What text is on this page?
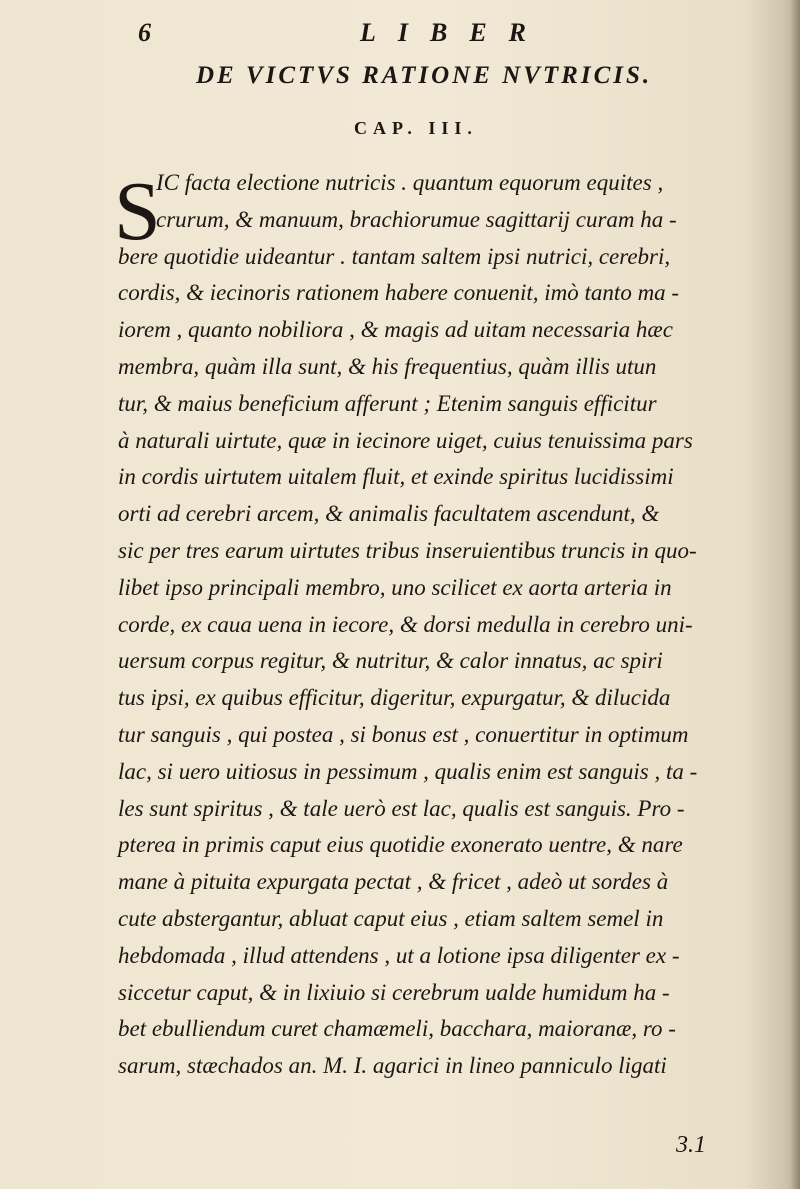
6	LIBER
DE VICTVS RATIONE NVTRICIS.
CAP. III.
S
IC facta electione nutricis . quantum equorum equites ,
crurum, & manuum, brachiorumue sagittarij curam ha -
bere quotidie uideantur . tantam saltem ipsi nutrici, cerebri,
cordis, & iecinoris rationem habere conuenit, imò tanto ma -
iorem , quanto nobiliora , & magis ad uitam necessaria hæc
membra, quàm illa sunt, & his frequentius, quàm illis utun
tur, & maius beneficium afferunt ; Etenim sanguis efficitur
à naturali uirtute, quæ in iecinore uiget, cuius tenuissima pars
in cordis uirtutem uitalem fluit, et exinde spiritus lucidissimi
orti ad cerebri arcem, & animalis facultatem ascendunt, &
sic per tres earum uirtutes tribus inseruientibus truncis in quo-
libet ipso principali membro, uno scilicet ex aorta arteria in
corde, ex caua uena in iecore, & dorsi medulla in cerebro uni-
uersum corpus regitur, & nutritur, & calor innatus, ac spiri
tus ipsi, ex quibus efficitur, digeritur, expurgatur, & dilucida
tur sanguis , qui postea , si bonus est , conuertitur in optimum
lac, si uero uitiosus in pessimum , qualis enim est sanguis , ta -
les sunt spiritus , & tale uerò est lac, qualis est sanguis. Pro -
pterea in primis caput eius quotidie exonerato uentre, & nare
mane à pituita expurgata pectat , & fricet , adeò ut sordes à
cute abstergantur, abluat caput eius , etiam saltem semel in
hebdomada , illud attendens , ut a lotione ipsa diligenter ex -
siccetur caput, & in lixiuio si cerebrum ualde humidum ha -
bet ebulliendum curet chamæmeli, bacchara, maioranæ, ro -
sarum, stæchados an. M. I. agarici in lineo panniculo ligati
3.1
